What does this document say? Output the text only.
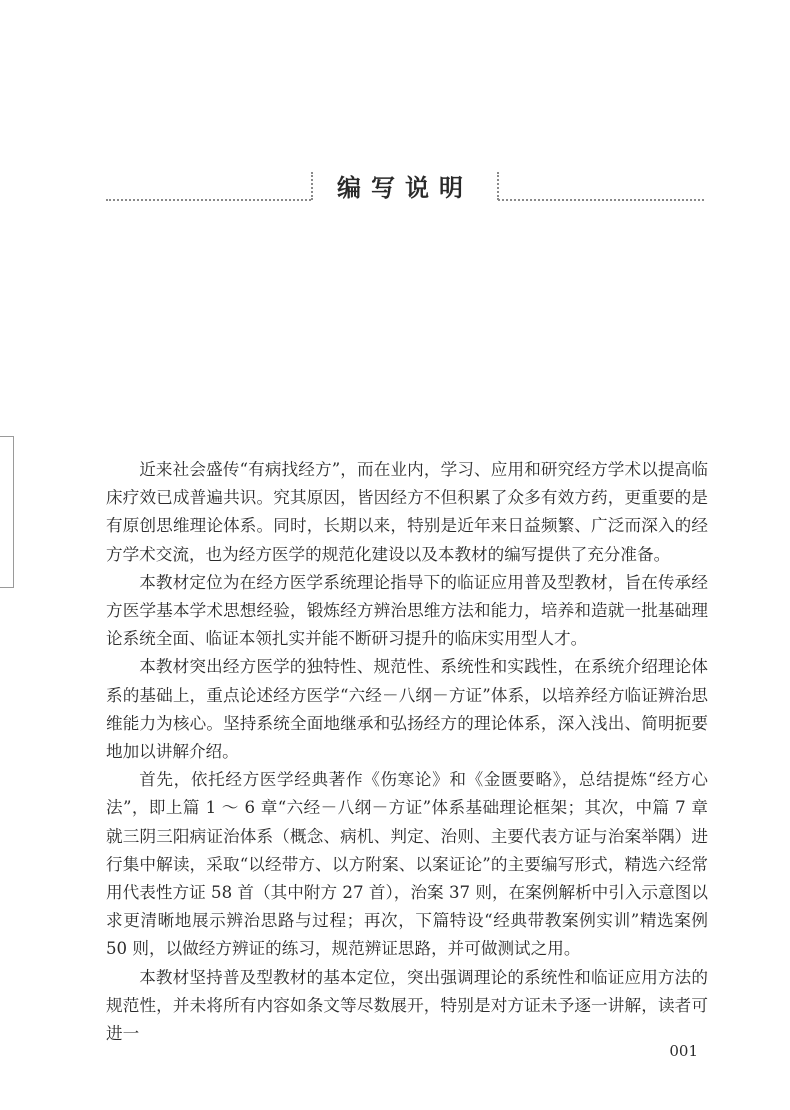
编写说明

近来社会盛传“有病找经方”，而在业内，学习、应用和研究经方学术以提高临床疗效已成普遍共识。究其原因，皆因经方不但积累了众多有效方药，更重要的是有原创思维理论体系。同时，长期以来，特别是近年来日益频繁、广泛而深入的经方学术交流，也为经方医学的规范化建设以及本教材的编写提供了充分准备。

本教材定位为在经方医学系统理论指导下的临证应用普及型教材，旨在传承经方医学基本学术思想经验，锻炼经方辨治思维方法和能力，培养和造就一批基础理论系统全面、临证本领扎实并能不断研习提升的临床实用型人才。

本教材突出经方医学的独特性、规范性、系统性和实践性，在系统介绍理论体系的基础上，重点论述经方医学“六经－八纲－方证”体系，以培养经方临证辨治思维能力为核心。坚持系统全面地继承和弘扬经方的理论体系，深入浅出、简明扼要地加以讲解介绍。

首先，依托经方医学经典著作《伤寒论》和《金匮要略》，总结提炼“经方心法”，即上篇 1 ～ 6 章“六经－八纲－方证”体系基础理论框架；其次，中篇 7 章就三阴三阳病证治体系（概念、病机、判定、治则、主要代表方证与治案举隅）进行集中解读，采取“以经带方、以方附案、以案证论”的主要编写形式，精选六经常用代表性方证 58 首（其中附方 27 首），治案 37 则，在案例解析中引入示意图以求更清晰地展示辨治思路与过程；再次，下篇特设“经典带教案例实训”精选案例 50 则，以做经方辨证的练习，规范辨证思路，并可做测试之用。

本教材坚持普及型教材的基本定位，突出强调理论的系统性和临证应用方法的规范性，并未将所有内容如条文等尽数展开，特别是对方证未予逐一讲解，读者可进一

001
